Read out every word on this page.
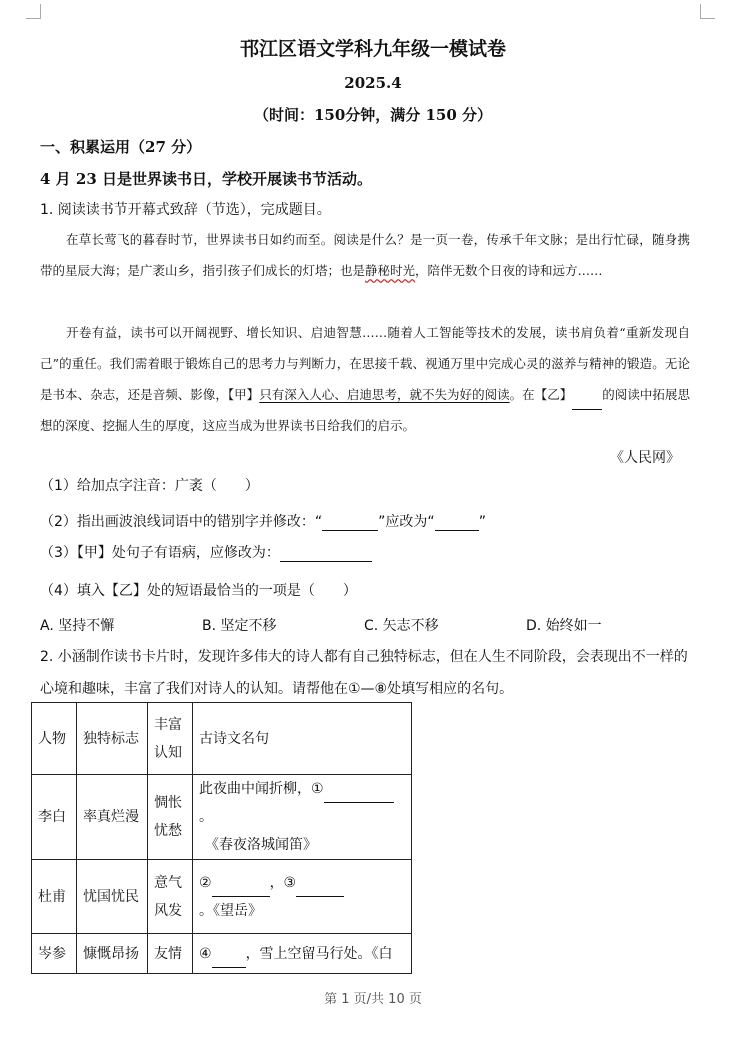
邗江区语文学科九年级一模试卷
2025.4
（时间：150分钟，满分 150 分）
一、积累运用（27 分）
4 月 23 日是世界读书日，学校开展读书节活动。
1. 阅读读书节开幕式致辞（节选），完成题目。
在草长莺飞的暮春时节，世界读书日如约而至。阅读是什么？是一页一卷，传承千年文脉；是出行忙碌，随身携带的星辰大海；是广袤山乡，指引孩子们成长的灯塔；也是静秘时光，陪伴无数个日夜的诗和远方……
开卷有益，读书可以开阔视野、增长知识、启迪智慧……随着人工智能等技术的发展，读书肩负着“重新发现自己”的重任。我们需着眼于锻炼自己的思考力与判断力，在思接千载、视通万里中完成心灵的滋养与精神的锻造。无论是书本、杂志，还是音频、影像，【甲】只有深入人心、启迪思考，就不失为好的阅读。在【乙】 的阅读中拓展思想的深度、挖掘人生的厚度，这应当成为世界读书日给我们的启示。
《人民网》
（1）给加点字注音：广袤（　　）
（2）指出画波浪线词语中的错别字并修改：“	”应改为“	”
（3）【甲】处句子有语病，应修改为：
（4）填入【乙】处的短语最恰当的一项是（　　）
A. 坚持不懈	B. 坚定不移	C. 矢志不移	D. 始终如一
2. 小涵制作读书卡片时，发现许多伟大的诗人都有自己独特标志，但在人生不同阶段，会表现出不一样的
心境和趣味，丰富了我们对诗人的认知。请帮他在①—⑧处填写相应的名句。
人物	独特标志	丰富认知	古诗文名句
李白	率真烂漫	惆怅忧愁	此夜曲中闻折柳，①。
《春夜洛城闻笛》

杜甫	忧国忧民	意气风发	② ，③。《望岳》
岑参	慷慨昂扬	友情	④ ，雪上空留马行处。《白
第 1 页/共 10 页
